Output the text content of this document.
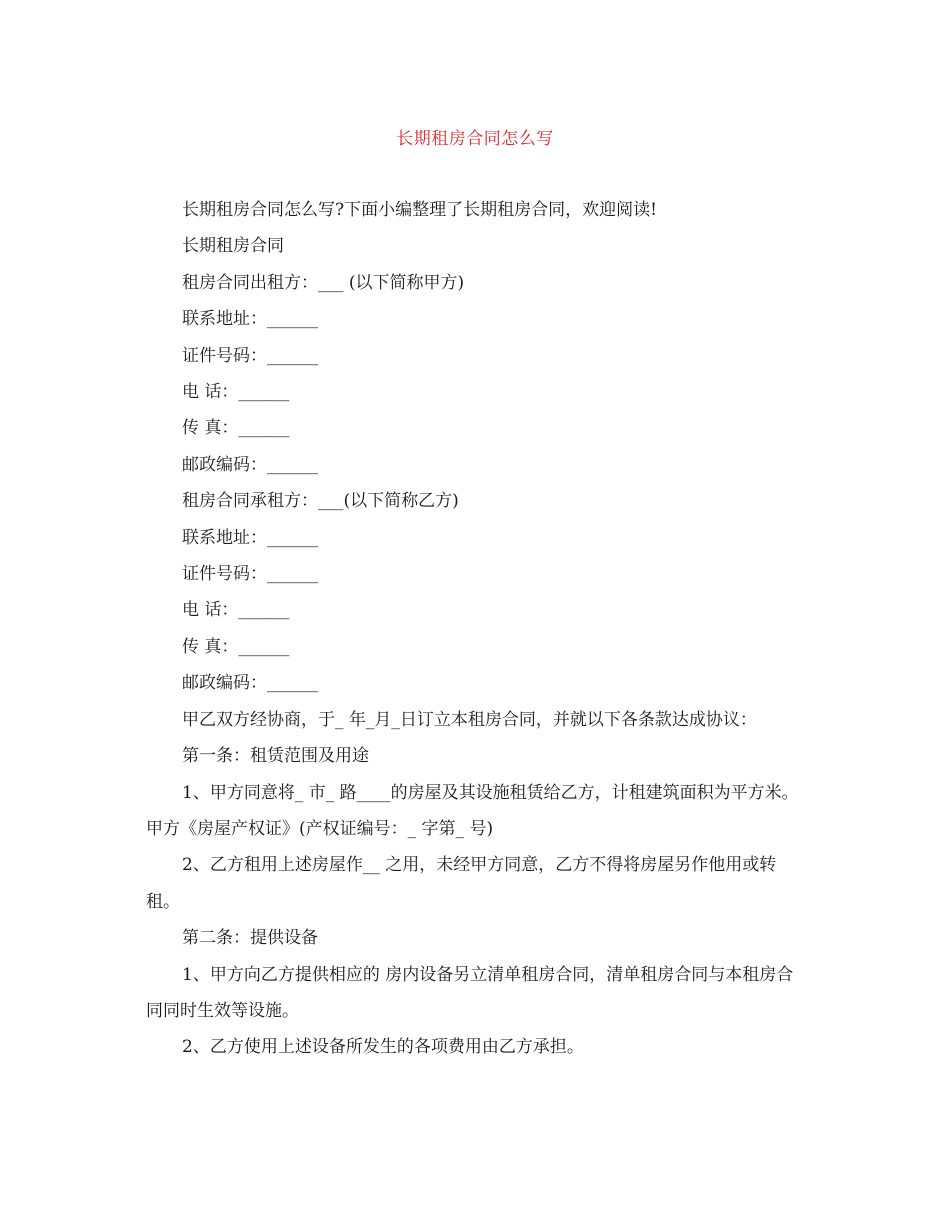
长期租房合同怎么写

长期租房合同怎么写?下面小编整理了长期租房合同，欢迎阅读!

长期租房合同

租房合同出租方：___ (以下简称甲方)

联系地址：______

证件号码：______

电 话：______

传 真：______

邮政编码：______

租房合同承租方：___(以下简称乙方)

联系地址：______

证件号码：______

电 话：______

传 真：______

邮政编码：______

甲乙双方经协商，于_ 年_月_日订立本租房合同，并就以下各条款达成协议：

第一条：租赁范围及用途

1、甲方同意将_ 市_ 路____的房屋及其设施租赁给乙方，计租建筑面积为平方米。甲方《房屋产权证》(产权证编号：_ 字第_ 号)

2、乙方租用上述房屋作__ 之用，未经甲方同意，乙方不得将房屋另作他用或转租。

第二条：提供设备

1、甲方向乙方提供相应的 房内设备另立清单租房合同，清单租房合同与本租房合同同时生效等设施。

2、乙方使用上述设备所发生的各项费用由乙方承担。
